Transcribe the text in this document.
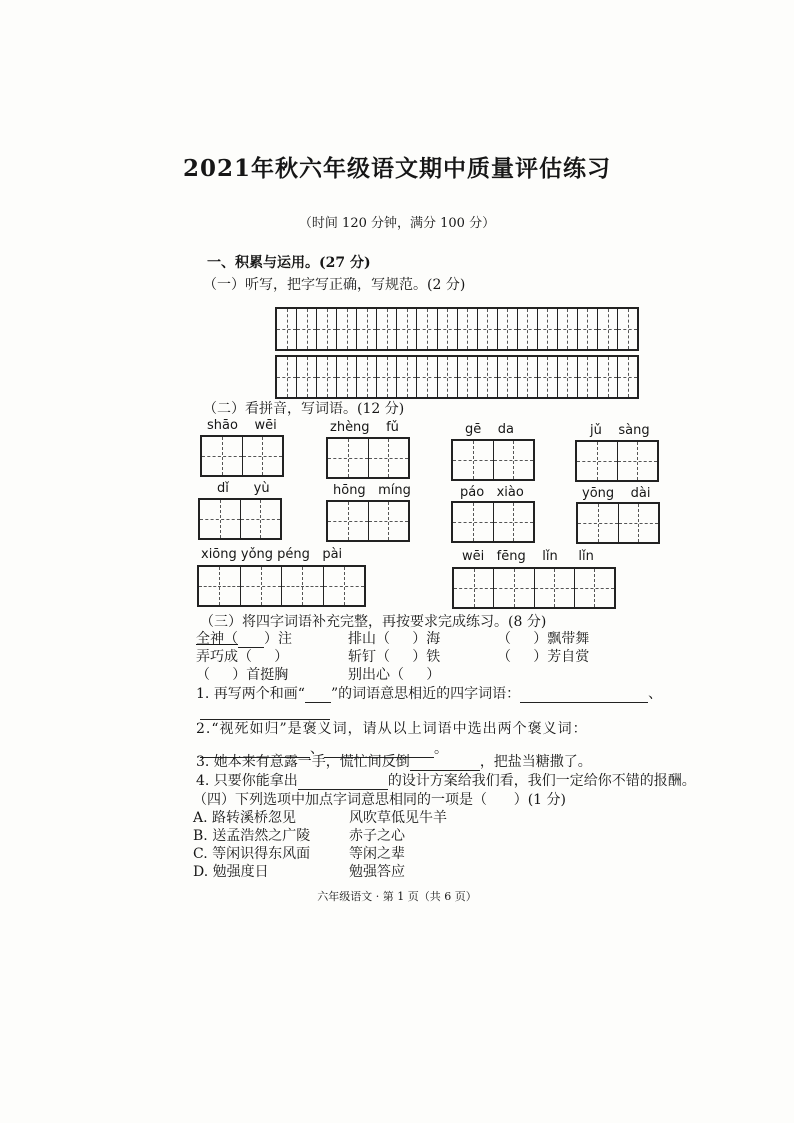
2021年秋六年级语文期中质量评估练习
（时间 120 分钟，满分 100 分）
一、积累与运用。(27 分)
（一）听写，把字写正确，写规范。(2 分)
（二）看拼音，写词语。(12 分)
shāo wēi	zhèng fǔ	gē da	jǔ sàng
dǐ yù	hōng míng	páo xiào	yōng dài
xiōng yǒng péng pài	wēi fēng lǐn lǐn
（三）将四字词语补充完整，再按要求完成练习。(8 分)
全神（ ）注	排山（ ）海	（ ）飘带舞
弄巧成（ ）	斩钉（ ）铁	（ ）芳自赏
（ ）首挺胸	别出心（ ）
1. 再写两个和画“ ”的词语意思相近的四字词语：	、
2.“视死如归”是褒义词，请从以上词语中选出两个褒义词：
、	。
3. 她本来有意露一手，慌忙间反倒	，把盐当糖撒了。
4. 只要你能拿出	的设计方案给我们看，我们一定给你不错的报酬。
（四）下列选项中加点字词意思相同的一项是（ ）(1 分)
A. 路转溪桥忽见	风吹草低见牛羊
B. 送孟浩然之广陵	赤子之心
C. 等闲识得东风面	等闲之辈
D. 勉强度日	勉强答应
六年级语文 · 第 1 页（共 6 页）
